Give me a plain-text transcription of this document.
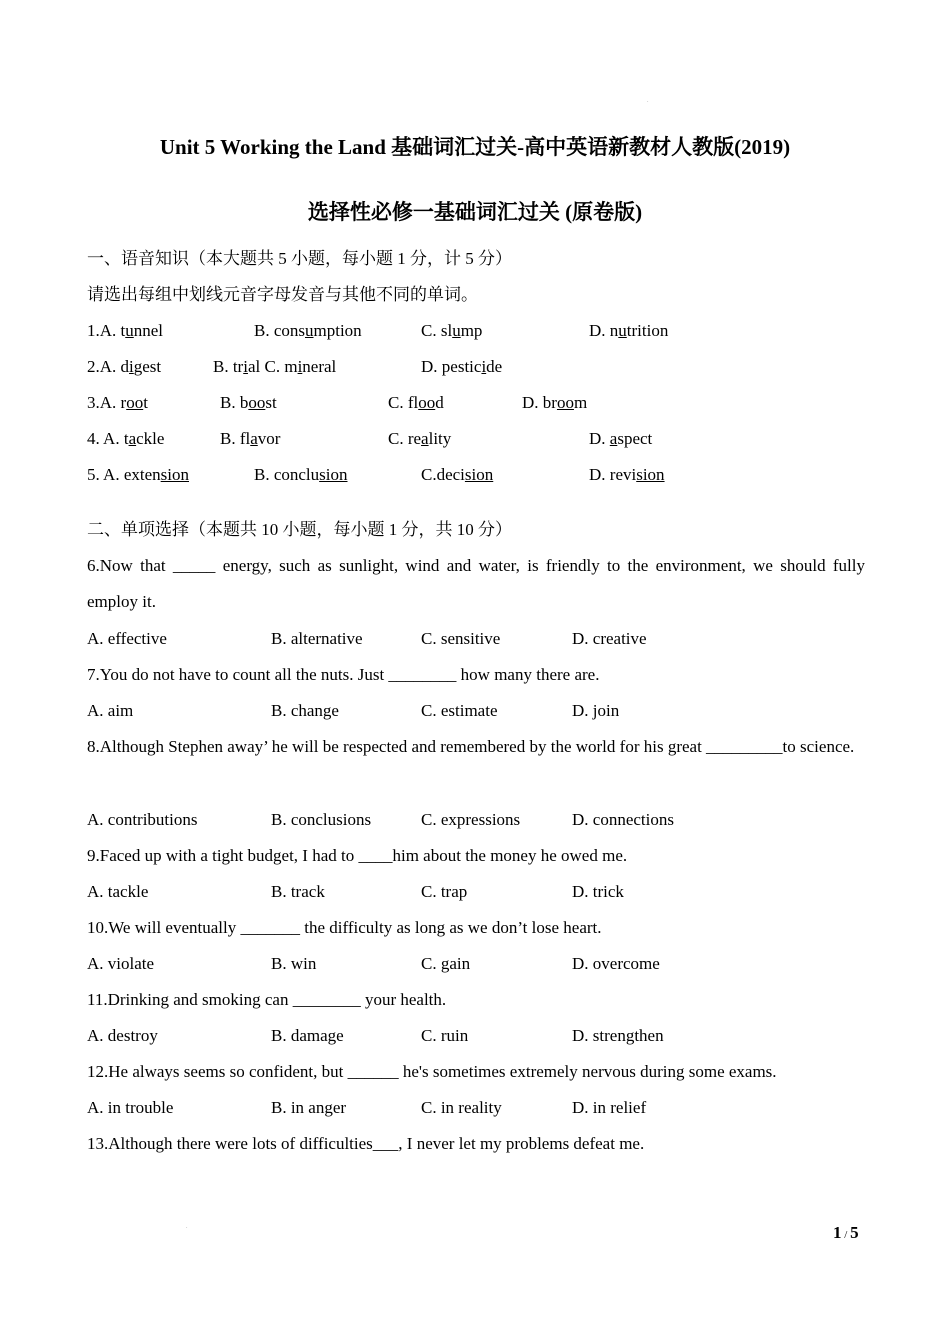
.
Unit 5 Working the Land 基础词汇过关-高中英语新教材人教版(2019)
选择性必修一基础词汇过关 (原卷版)
一、语音知识（本大题共 5 小题，每小题 1 分，计 5 分）
请选出每组中划线元音字母发音与其他不同的单词。
1.A. tunnel	B. consumption	C. slump	D. nutrition
2.A. digest	B. trial C. mineral	D. pesticide
3.A. root	B. boost	C. flood	D. broom
4. A. tackle	B. flavor	C. reality	D. aspect
5. A. extension	B. conclusion	C.decision	D. revision
二、单项选择（本题共 10 小题，每小题 1 分，共 10 分）
6.Now that _____ energy, such as sunlight, wind and water, is friendly to the environment, we should fully employ it.
A. effective	B. alternative	C. sensitive	D. creative
7.You do not have to count all the nuts. Just ________ how many there are.
A. aim	B. change	C. estimate	D. join
8.Although Stephen away’ he will be respected and remembered by the world for his great _________to science.
A. contributions	B. conclusions	C. expressions	D. connections
9.Faced up with a tight budget, I had to ____him about the money he owed me.
A. tackle	B. track	C. trap	D. trick
10.We will eventually _______ the difficulty as long as we don’t lose heart.
A. violate	B. win	C. gain	D. overcome
11.Drinking and smoking can ________ your health.
A. destroy	B. damage	C. ruin	D. strengthen
12.He always seems so confident, but ______ he's sometimes extremely nervous during some exams.
A. in trouble	B. in anger	C. in reality	D. in relief
13.Although there were lots of difficulties___, I never let my problems defeat me.
.	1 / 5
